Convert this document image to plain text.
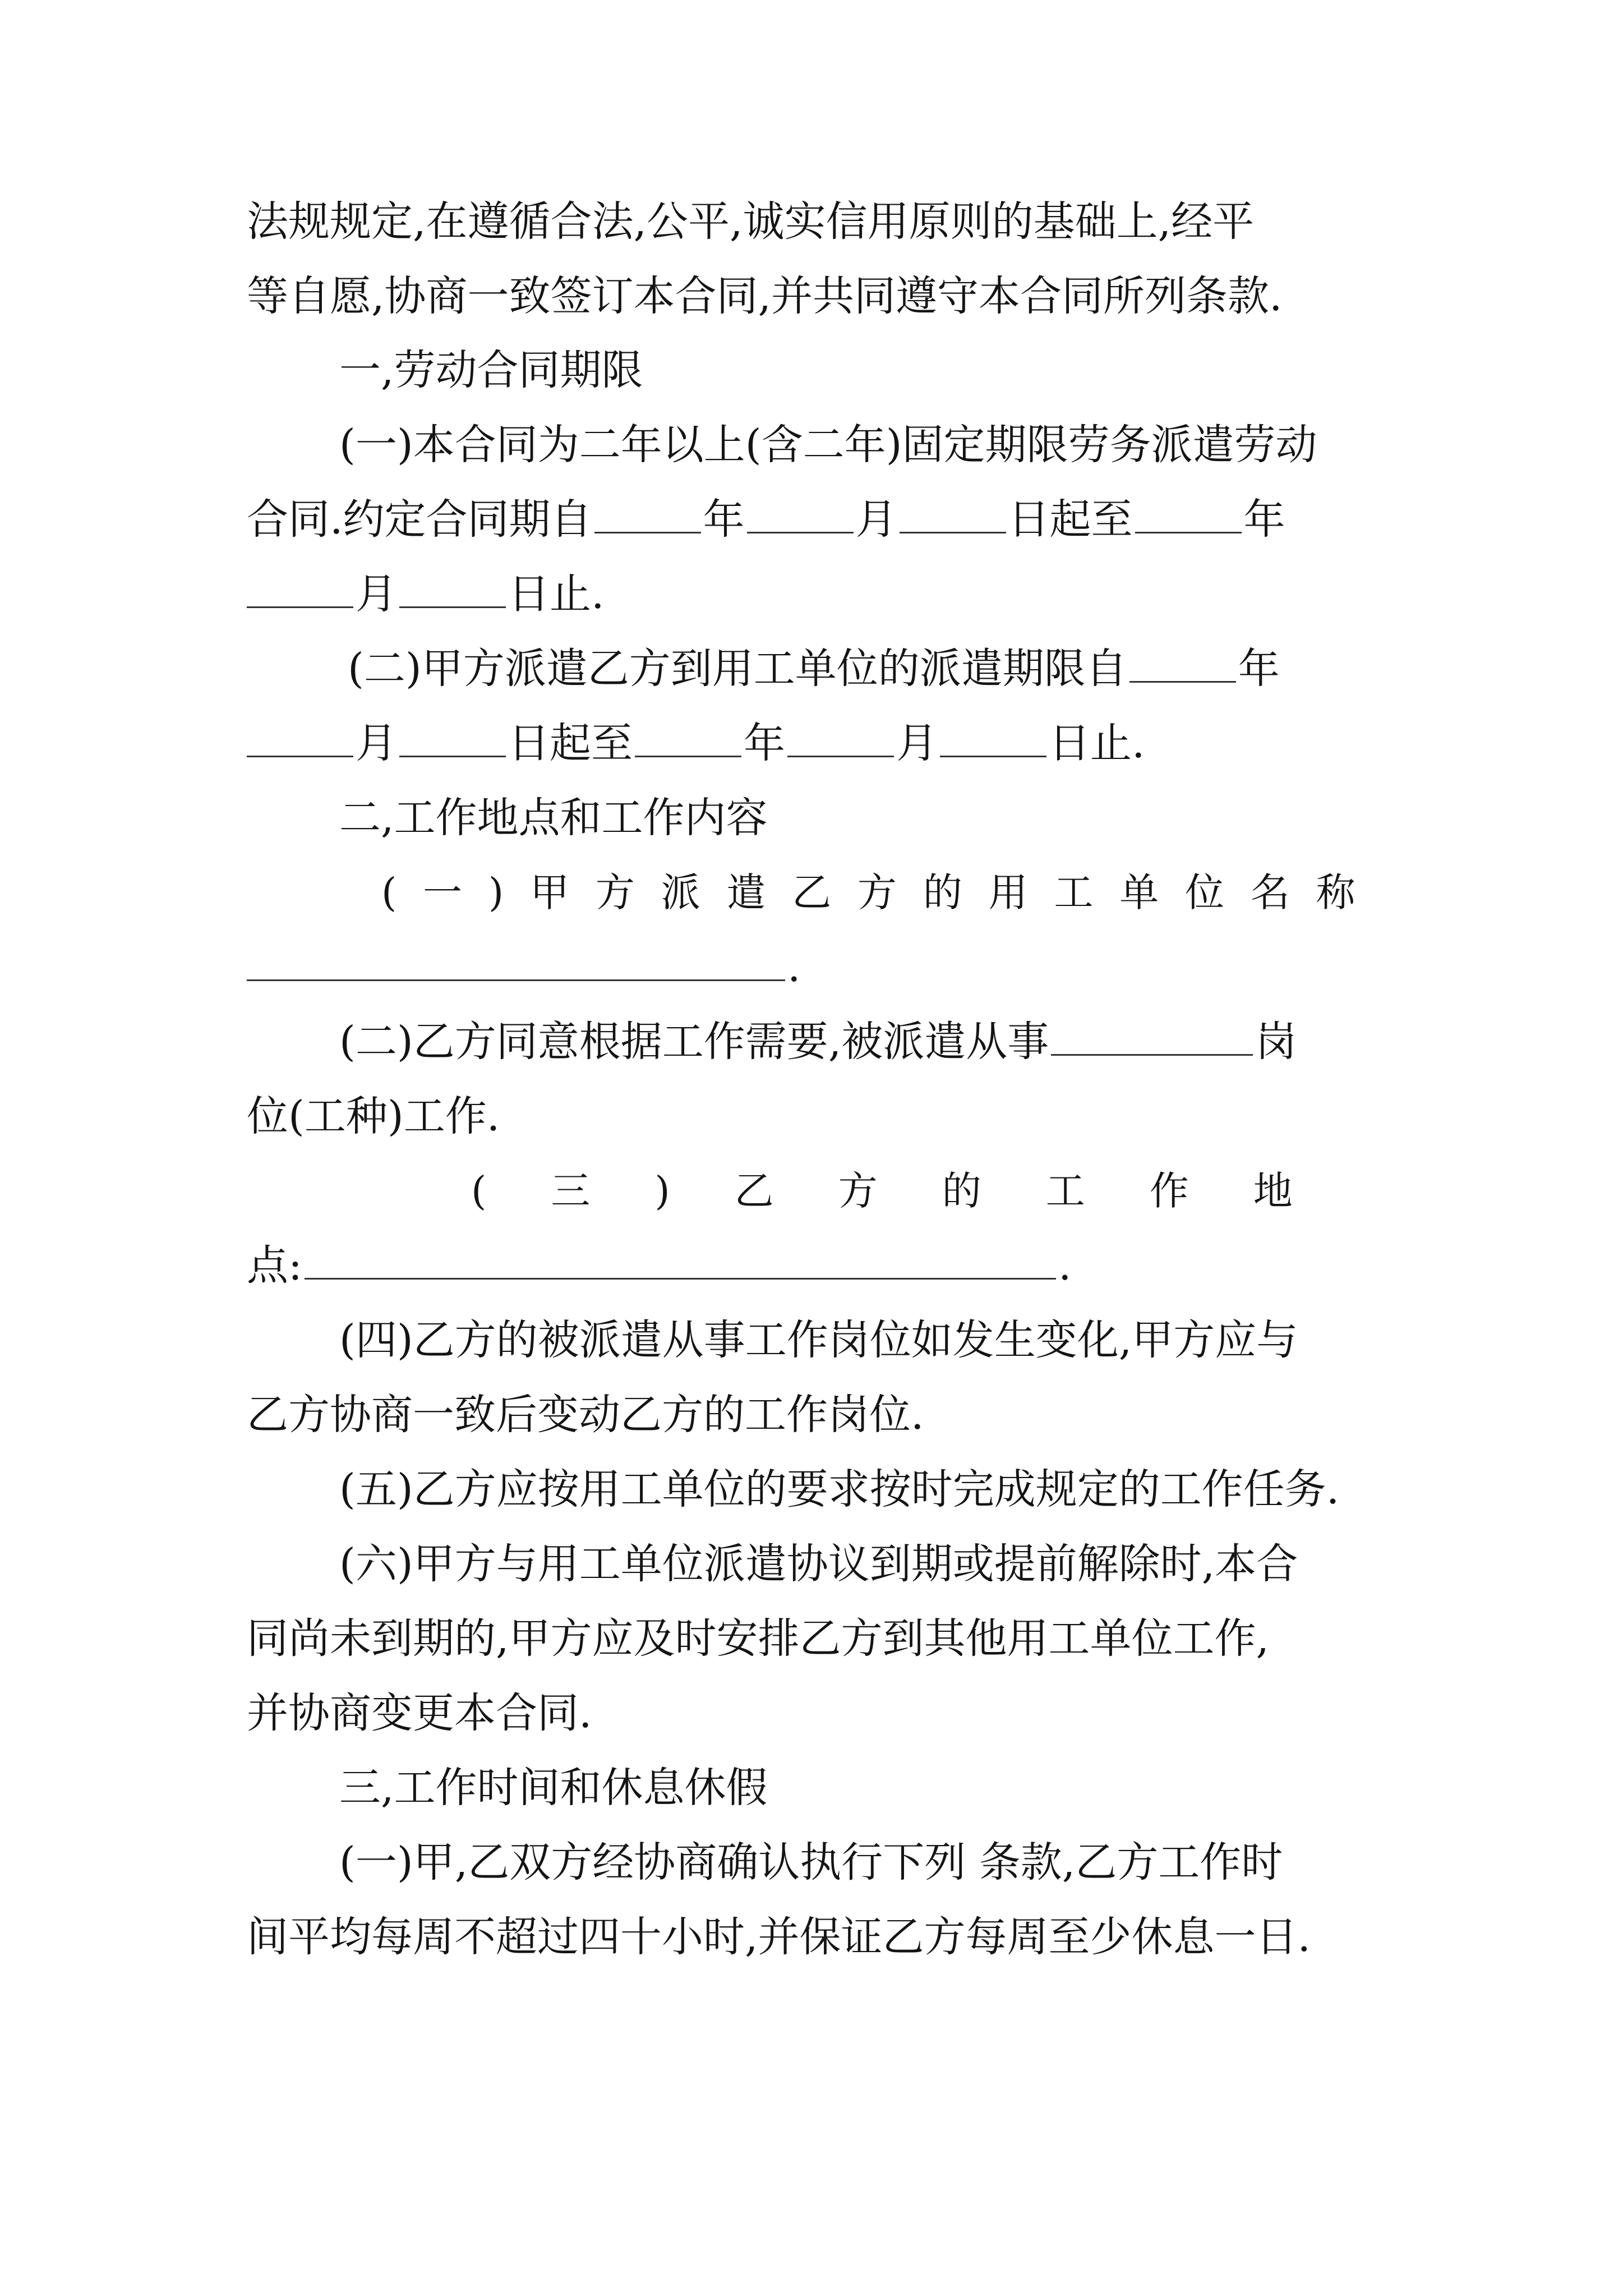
法规规定,在遵循合法,公平,诚实信用原则的基础上,经平
等自愿,协商一致签订本合同,并共同遵守本合同所列条款.
一,劳动合同期限
(一)本合同为二年以上(含二年)固定期限劳务派遣劳动
合同.约定合同期自	年	月	日起至	年
月	日止.
(二)甲方派遣乙方到用工单位的派遣期限自	年
月	日起至	年	月	日止.
二,工作地点和工作内容
(一)甲方派遣乙方的用工单位名称
.
(二)乙方同意根据工作需要,被派遣从事	岗
位(工种)工作.
(三)乙方的工作地
点:	.
(四)乙方的被派遣从事工作岗位如发生变化,甲方应与
乙方协商一致后变动乙方的工作岗位.
(五)乙方应按用工单位的要求按时完成规定的工作任务.
(六)甲方与用工单位派遣协议到期或提前解除时,本合
同尚未到期的,甲方应及时安排乙方到其他用工单位工作,
并协商变更本合同.
三,工作时间和休息休假
(一)甲,乙双方经协商确认执行下列 条款,乙方工作时
间平均每周不超过四十小时,并保证乙方每周至少休息一日.
